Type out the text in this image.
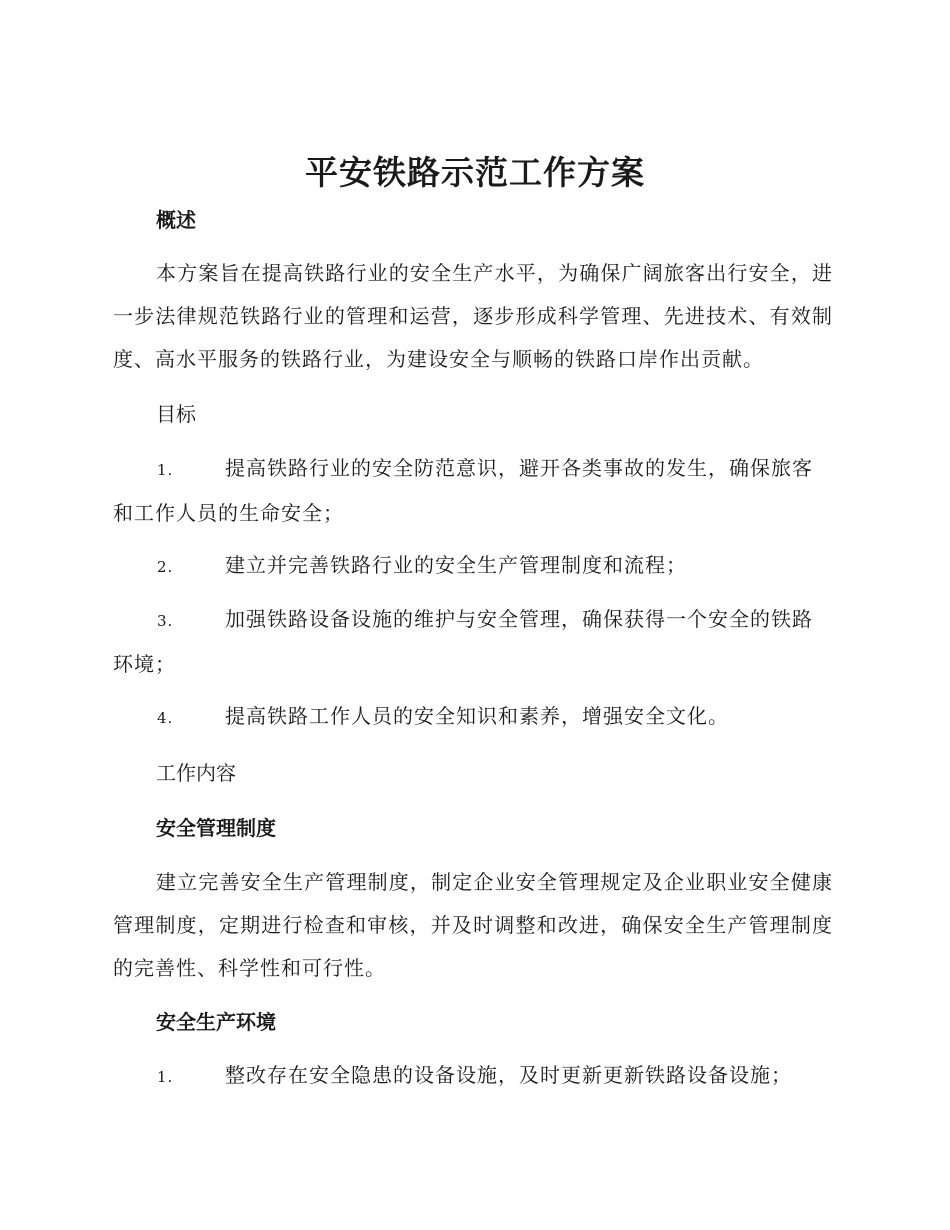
平安铁路示范工作方案
概述
本方案旨在提高铁路行业的安全生产水平，为确保广阔旅客出行安全，进一步法律规范铁路行业的管理和运营，逐步形成科学管理、先进技术、有效制度、高水平服务的铁路行业，为建设安全与顺畅的铁路口岸作出贡献。
目标
1.	提高铁路行业的安全防范意识，避开各类事故的发生，确保旅客和工作人员的生命安全；
2.	建立并完善铁路行业的安全生产管理制度和流程；
3.	加强铁路设备设施的维护与安全管理，确保获得一个安全的铁路环境；
4.	提高铁路工作人员的安全知识和素养，增强安全文化。
工作内容
安全管理制度
建立完善安全生产管理制度，制定企业安全管理规定及企业职业安全健康管理制度，定期进行检查和审核，并及时调整和改进，确保安全生产管理制度的完善性、科学性和可行性。
安全生产环境
1.	整改存在安全隐患的设备设施，及时更新更新铁路设备设施；
